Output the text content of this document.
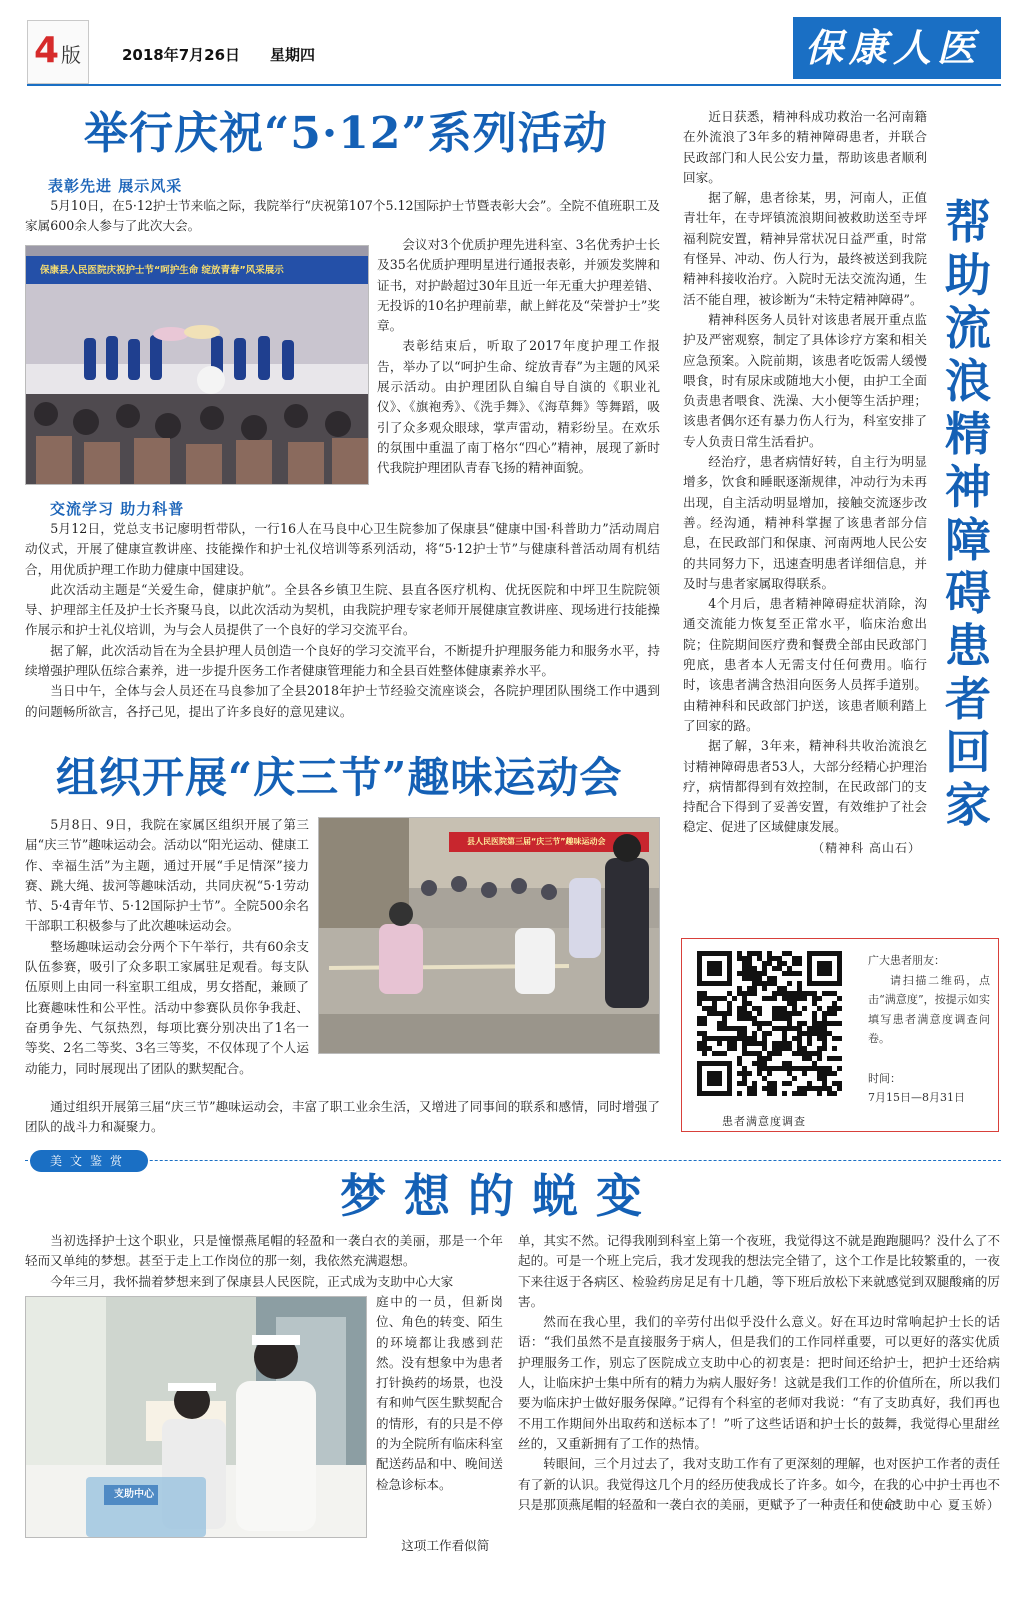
4 版	2018年7月26日 星期四	保康人医
举行庆祝“5·12”系列活动
表彰先进 展示风采

5月10日，在5·12护士节来临之际，我院举行“庆祝第107个5.12国际护士节暨表彰大会”。全院不值班职工及家属600余人参与了此次大会。

保康县人民医院庆祝护士节“呵护生命 绽放青春”风采展示

会议对3个优质护理先进科室、3名优秀护士长及35名优质护理明星进行通报表彰，并颁发奖牌和证书，对护龄超过30年且近一年无重大护理差错、无投诉的10名护理前辈，献上鲜花及“荣誉护士”奖章。

表彰结束后，听取了2017年度护理工作报告，举办了以“呵护生命、绽放青春”为主题的风采展示活动。由护理团队自编自导自演的《职业礼仪》、《旗袍秀》、《洗手舞》、《海草舞》等舞蹈，吸引了众多观众眼球，掌声雷动，精彩纷呈。在欢乐的氛围中重温了南丁格尔“四心”精神，展现了新时代我院护理团队青春飞扬的精神面貌。

交流学习 助力科普

5月12日，党总支书记廖明哲带队，一行16人在马良中心卫生院参加了保康县“健康中国·科普助力”活动周启动仪式，开展了健康宣教讲座、技能操作和护士礼仪培训等系列活动，将“5·12护士节”与健康科普活动周有机结合，用优质护理工作助力健康中国建设。

此次活动主题是“关爱生命，健康护航”。全县各乡镇卫生院、县直各医疗机构、优抚医院和中坪卫生院院领导、护理部主任及护士长齐聚马良，以此次活动为契机，由我院护理专家老师开展健康宣教讲座、现场进行技能操作展示和护士礼仪培训，为与会人员提供了一个良好的学习交流平台。

据了解，此次活动旨在为全县护理人员创造一个良好的学习交流平台，不断提升护理服务能力和服务水平，持续增强护理队伍综合素养，进一步提升医务工作者健康管理能力和全县百姓整体健康素养水平。

当日中午，全体与会人员还在马良参加了全县2018年护士节经验交流座谈会，各院护理团队围绕工作中遇到的问题畅所欲言，各抒己见，提出了许多良好的意见建议。

组织开展“庆三节”趣味运动会

5月8日、9日，我院在家属区组织开展了第三届“庆三节”趣味运动会。活动以“阳光运动、健康工作、幸福生活”为主题，通过开展“手足情深”接力赛、跳大绳、拔河等趣味活动，共同庆祝“5·1劳动节、5·4青年节、5·12国际护士节”。全院500余名干部职工积极参与了此次趣味运动会。

整场趣味运动会分两个下午举行，共有60余支队伍参赛，吸引了众多职工家属驻足观看。每支队伍原则上由同一科室职工组成，男女搭配，兼顾了比赛趣味性和公平性。活动中参赛队员你争我赶、奋勇争先、气氛热烈，每项比赛分别决出了1名一等奖、2名二等奖、3名三等奖，不仅体现了个人运动能力，同时展现出了团队的默契配合。

县人民医院第三届“庆三节”趣味运动会

通过组织开展第三届“庆三节”趣味运动会，丰富了职工业余生活，又增进了同事间的联系和感情，同时增强了团队的战斗力和凝聚力。

近日获悉，精神科成功救治一名河南籍在外流浪了3年多的精神障碍患者，并联合民政部门和人民公安力量，帮助该患者顺利回家。

据了解，患者徐某，男，河南人，正值青壮年，在寺坪镇流浪期间被救助送至寺坪福利院安置，精神异常状况日益严重，时常有怪异、冲动、伤人行为，最终被送到我院精神科接收治疗。入院时无法交流沟通，生活不能自理，被诊断为“未特定精神障碍”。

精神科医务人员针对该患者展开重点监护及严密观察，制定了具体诊疗方案和相关应急预案。入院前期，该患者吃饭需人缓慢喂食，时有尿床或随地大小便，由护工全面负责患者喂食、洗澡、大小便等生活护理；该患者偶尔还有暴力伤人行为，科室安排了专人负责日常生活看护。

经治疗，患者病情好转，自主行为明显增多，饮食和睡眠逐渐规律，冲动行为未再出现，自主活动明显增加，接触交流逐步改善。经沟通，精神科掌握了该患者部分信息，在民政部门和保康、河南两地人民公安的共同努力下，迅速查明患者详细信息，并及时与患者家属取得联系。

4个月后，患者精神障碍症状消除，沟通交流能力恢复至正常水平，临床治愈出院；住院期间医疗费和餐费全部由民政部门兜底，患者本人无需支付任何费用。临行时，该患者满含热泪向医务人员挥手道别。由精神科和民政部门护送，该患者顺利踏上了回家的路。

据了解，3年来，精神科共收治流浪乞讨精神障碍患者53人，大部分经精心护理治疗，病情都得到有效控制，在民政部门的支持配合下得到了妥善安置，有效维护了社会稳定、促进了区域健康发展。

（精神科 高山石）
帮助流浪精神障碍患者回家
患者满意度调查
广大患者朋友：
请扫描二维码，点击“满意度”，按提示如实填写患者满意度调查问卷。
时间：
7月15日—8月31日
美文鉴赏
梦想的蜕变

当初选择护士这个职业，只是憧憬燕尾帽的轻盈和一袭白衣的美丽，那是一个年轻而又单纯的梦想。甚至于走上工作岗位的那一刻，我依然充满遐想。

今年三月，我怀揣着梦想来到了保康县人民医院，正式成为支助中心大家

支助中心

庭中的一员，但新岗位、角色的转变、陌生的环境都让我感到茫然。没有想象中为患者打针换药的场景，也没有和帅气医生默契配合的情形，有的只是不停的为全院所有临床科室配送药品和中、晚间送检急诊标本。

这项工作看似简

单，其实不然。记得我刚到科室上第一个夜班，我觉得这不就是跑跑腿吗？没什么了不起的。可是一个班上完后，我才发现我的想法完全错了，这个工作是比较繁重的，一夜下来往返于各病区、检验药房足足有十几趟，等下班后放松下来就感觉到双腿酸痛的厉害。

然而在我心里，我们的辛劳付出似乎没什么意义。好在耳边时常响起护士长的话语：“我们虽然不是直接服务于病人，但是我们的工作同样重要，可以更好的落实优质护理服务工作，别忘了医院成立支助中心的初衷是：把时间还给护士，把护士还给病人，让临床护士集中所有的精力为病人服好务！这就是我们工作的价值所在，所以我们要为临床护士做好服务保障。”记得有个科室的老师对我说：“有了支助真好，我们再也不用工作期间外出取药和送标本了！”听了这些话语和护士长的鼓舞，我觉得心里甜丝丝的，又重新拥有了工作的热情。

转眼间，三个月过去了，我对支助工作有了更深刻的理解，也对医护工作者的责任有了新的认识。我觉得这几个月的经历使我成长了许多。如今，在我的心中护士再也不只是那顶燕尾帽的轻盈和一袭白衣的美丽，更赋予了一种责任和使命！

（支助中心 夏玉娇）
